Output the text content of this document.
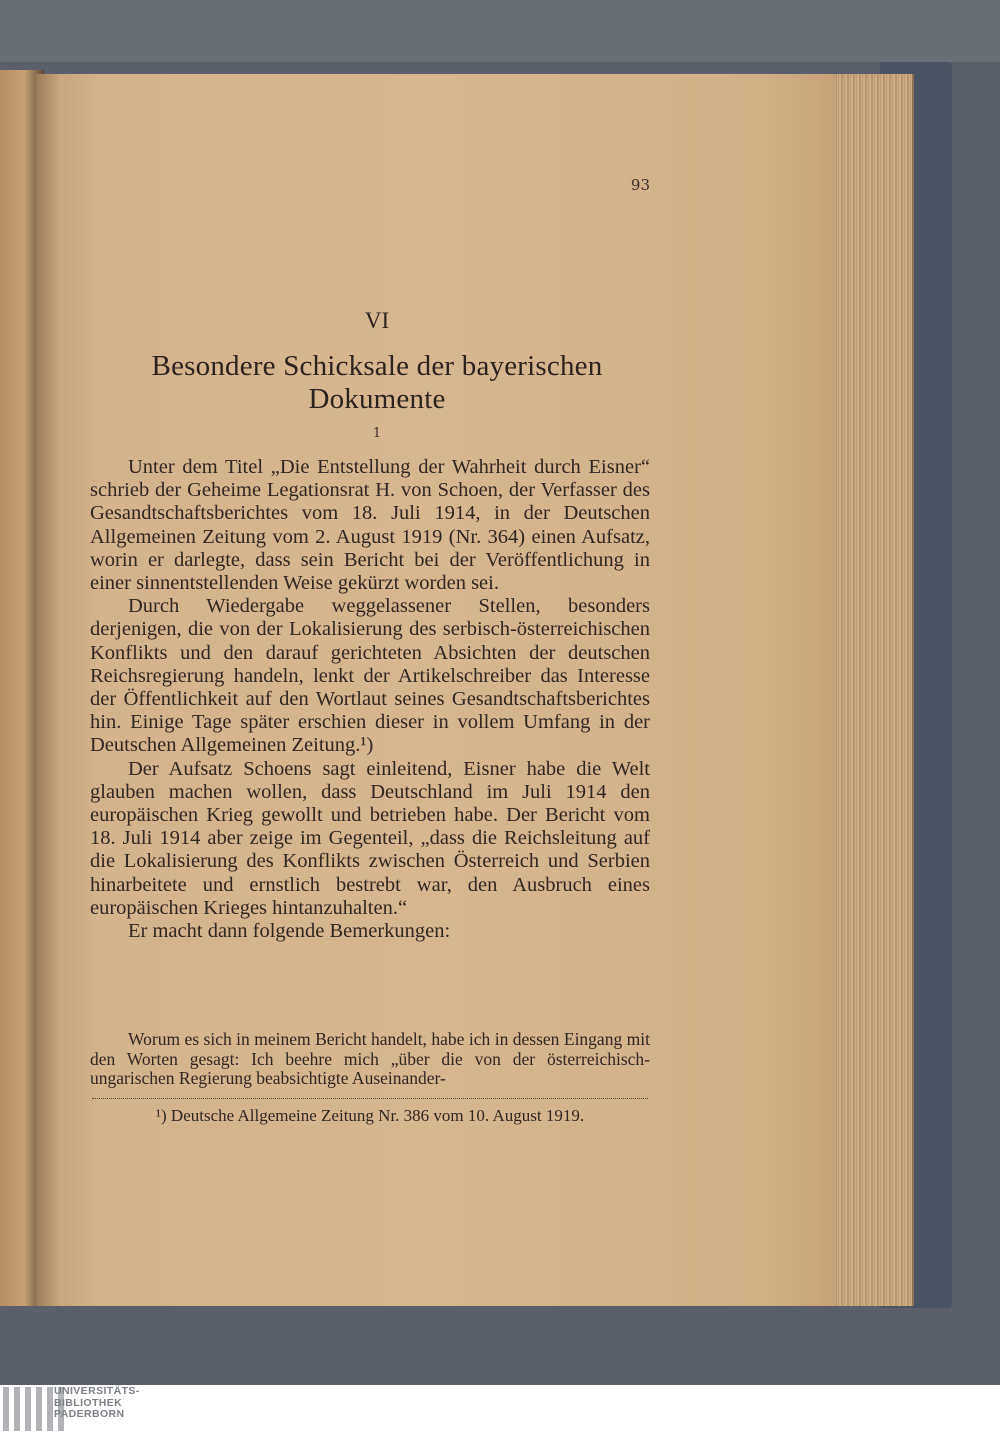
93
VI
Besondere Schicksale der bayerischen Dokumente
1

Unter dem Titel „Die Entstellung der Wahrheit durch Eisner“ schrieb der Geheime Legationsrat H. von Schoen, der Verfasser des Gesandtschaftsberichtes vom 18. Juli 1914, in der Deutschen Allgemeinen Zeitung vom 2. August 1919 (Nr. 364) einen Aufsatz, worin er darlegte, dass sein Bericht bei der Veröffentlichung in einer sinnentstellenden Weise gekürzt worden sei.

Durch Wiedergabe weggelassener Stellen, besonders derjenigen, die von der Lokalisierung des serbisch-österreichischen Konflikts und den darauf gerichteten Absichten der deutschen Reichsregierung handeln, lenkt der Artikelschreiber das Interesse der Öffentlichkeit auf den Wortlaut seines Gesandtschaftsberichtes hin. Einige Tage später erschien dieser in vollem Umfang in der Deutschen Allgemeinen Zeitung.¹)

Der Aufsatz Schoens sagt einleitend, Eisner habe die Welt glauben machen wollen, dass Deutschland im Juli 1914 den europäischen Krieg gewollt und betrieben habe. Der Bericht vom 18. Juli 1914 aber zeige im Gegenteil, „dass die Reichsleitung auf die Lokalisierung des Konflikts zwischen Österreich und Serbien hinarbeitete und ernstlich bestrebt war, den Ausbruch eines europäischen Krieges hintanzuhalten.“

Er macht dann folgende Bemerkungen:

Worum es sich in meinem Bericht handelt, habe ich in dessen Eingang mit den Worten gesagt: Ich beehre mich „über die von der österreichisch-ungarischen Regierung beabsichtigte Auseinander-

¹) Deutsche Allgemeine Zeitung Nr. 386 vom 10. August 1919.
UNIVERSITÄTS-
BIBLIOTHEK
PADERBORN
